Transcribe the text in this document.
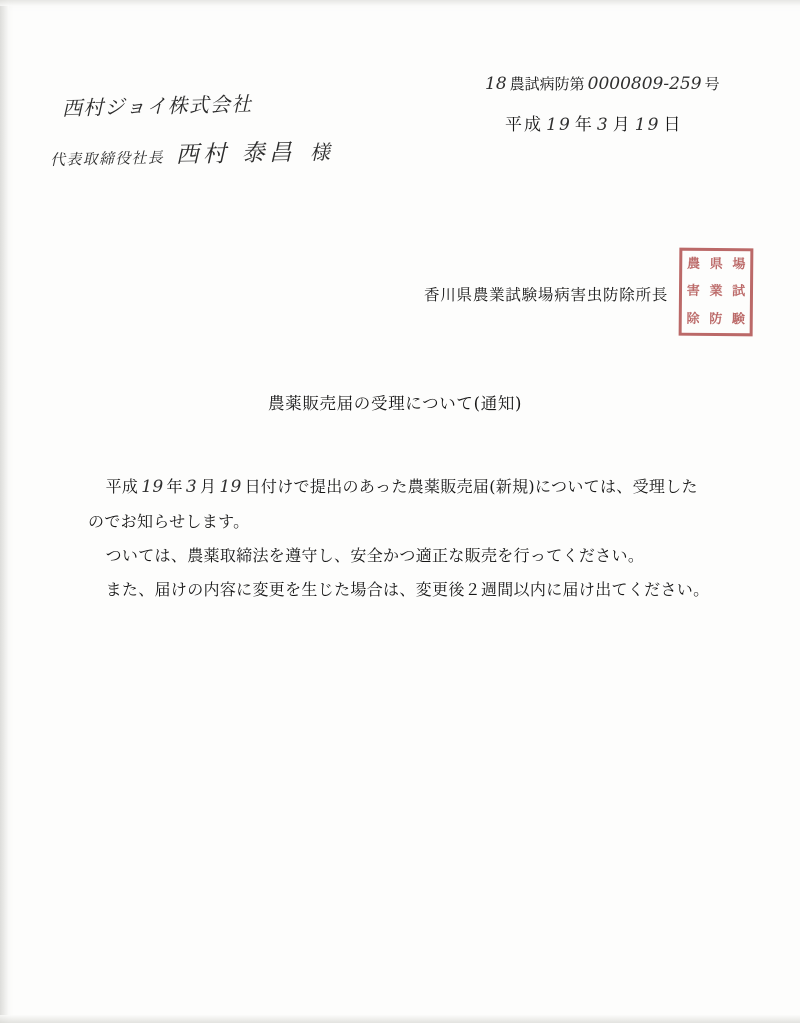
18 農試病防第 0000809-259 号
平成 19 年 3 月 19 日
西村ジョイ株式会社
代表取締役社長 西村 泰昌 様
香川県農業試験場病害虫防除所長
農 県 場
害 業 試
除 防 験
農薬販売届の受理について(通知)

平成 19 年 3 月 19 日付けで提出のあった農薬販売届(新規)については、受理した

のでお知らせします。

ついては、農薬取締法を遵守し、安全かつ適正な販売を行ってください。

また、届けの内容に変更を生じた場合は、変更後２週間以内に届け出てください。
